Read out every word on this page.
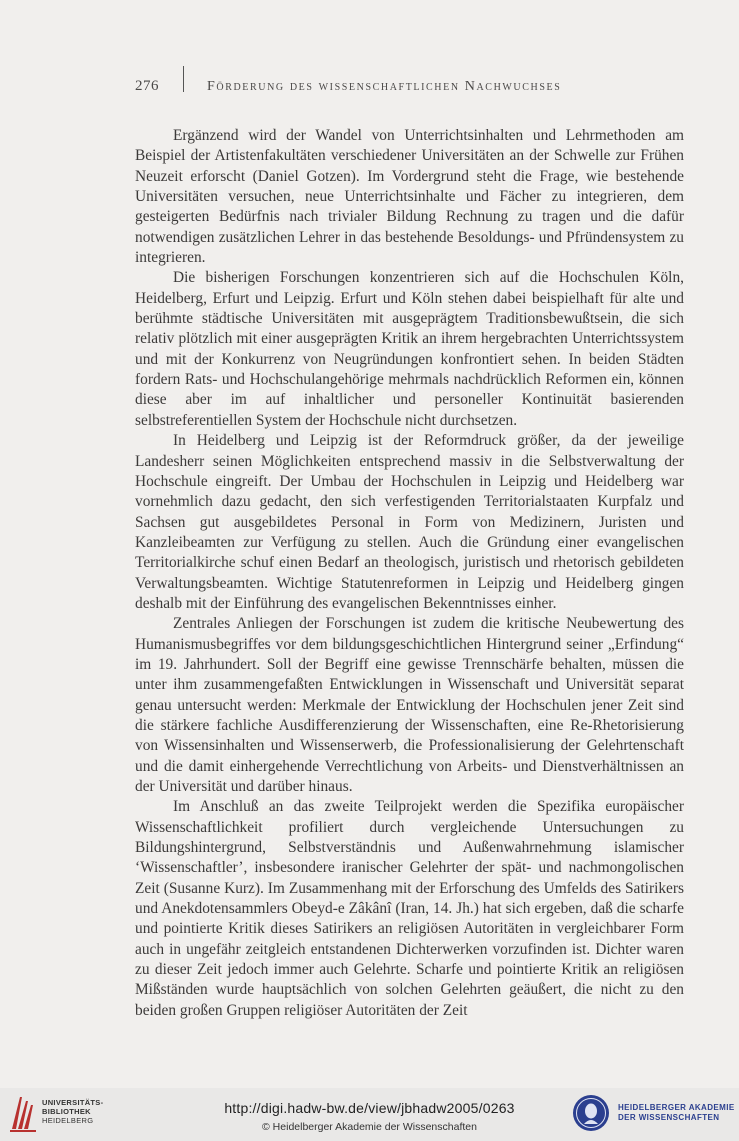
276	Förderung des wissenschaftlichen Nachwuchses

Ergänzend wird der Wandel von Unterrichtsinhalten und Lehrmethoden am Beispiel der Artistenfakultäten verschiedener Universitäten an der Schwelle zur Frühen Neuzeit erforscht (Daniel Gotzen). Im Vordergrund steht die Frage, wie bestehende Universitäten versuchen, neue Unterrichtsinhalte und Fächer zu integrieren, dem gesteigerten Bedürfnis nach trivialer Bildung Rechnung zu tragen und die dafür notwendigen zusätzlichen Lehrer in das bestehende Besoldungs- und Pfründensystem zu integrieren.

Die bisherigen Forschungen konzentrieren sich auf die Hochschulen Köln, Heidelberg, Erfurt und Leipzig. Erfurt und Köln stehen dabei beispielhaft für alte und berühmte städtische Universitäten mit ausgeprägtem Traditionsbewußtsein, die sich relativ plötzlich mit einer ausgeprägten Kritik an ihrem hergebrachten Unterrichtssystem und mit der Konkurrenz von Neugründungen konfrontiert sehen. In beiden Städten fordern Rats- und Hochschulangehörige mehrmals nachdrücklich Reformen ein, können diese aber im auf inhaltlicher und personeller Kontinuität basierenden selbstreferentiellen System der Hochschule nicht durchsetzen.

In Heidelberg und Leipzig ist der Reformdruck größer, da der jeweilige Landesherr seinen Möglichkeiten entsprechend massiv in die Selbstverwaltung der Hochschule eingreift. Der Umbau der Hochschulen in Leipzig und Heidelberg war vornehmlich dazu gedacht, den sich verfestigenden Territorialstaaten Kurpfalz und Sachsen gut ausgebildetes Personal in Form von Medizinern, Juristen und Kanzleibeamten zur Verfügung zu stellen. Auch die Gründung einer evangelischen Territorialkirche schuf einen Bedarf an theologisch, juristisch und rhetorisch gebildeten Verwaltungsbeamten. Wichtige Statutenreformen in Leipzig und Heidelberg gingen deshalb mit der Einführung des evangelischen Bekenntnisses einher.

Zentrales Anliegen der Forschungen ist zudem die kritische Neubewertung des Humanismusbegriffes vor dem bildungsgeschichtlichen Hintergrund seiner „Erfindung“ im 19. Jahrhundert. Soll der Begriff eine gewisse Trennschärfe behalten, müssen die unter ihm zusammengefaßten Entwicklungen in Wissenschaft und Universität separat genau untersucht werden: Merkmale der Entwicklung der Hochschulen jener Zeit sind die stärkere fachliche Ausdifferenzierung der Wissenschaften, eine Re-Rhetorisierung von Wissensinhalten und Wissenserwerb, die Professionalisierung der Gelehrtenschaft und die damit einhergehende Verrechtlichung von Arbeits- und Dienstverhältnissen an der Universität und darüber hinaus.

Im Anschluß an das zweite Teilprojekt werden die Spezifika europäischer Wissenschaftlichkeit profiliert durch vergleichende Untersuchungen zu Bildungshintergrund, Selbstverständnis und Außenwahrnehmung islamischer ‘Wissenschaftler’, insbesondere iranischer Gelehrter der spät- und nachmongolischen Zeit (Susanne Kurz). Im Zusammenhang mit der Erforschung des Umfelds des Satirikers und Anekdotensammlers Obeyd-e Zâkânî (Iran, 14. Jh.) hat sich ergeben, daß die scharfe und pointierte Kritik dieses Satirikers an religiösen Autoritäten in vergleichbarer Form auch in ungefähr zeitgleich entstandenen Dichterwerken vorzufinden ist. Dichter waren zu dieser Zeit jedoch immer auch Gelehrte. Scharfe und pointierte Kritik an religiösen Mißständen wurde hauptsächlich von solchen Gelehrten geäußert, die nicht zu den beiden großen Gruppen religiöser Autoritäten der Zeit

UNIVERSITÄTS-
BIBLIOTHEK
HEIDELBERG
http://digi.hadw-bw.de/view/jbhadw2005/0263
© Heidelberger Akademie der Wissenschaften
HEIDELBERGER AKADEMIE
DER WISSENSCHAFTEN
